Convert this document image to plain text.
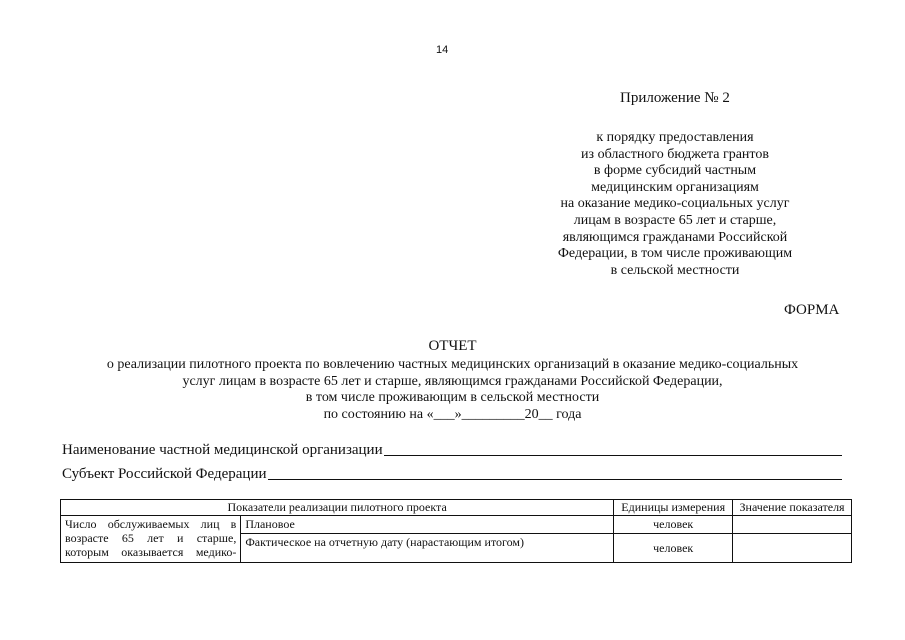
14
Приложение № 2
к порядку предоставления
из областного бюджета грантов
в форме субсидий частным
медицинским организациям
на оказание медико-социальных услуг
лицам в возрасте 65 лет и старше,
являющимся гражданами Российской
Федерации, в том числе проживающим
в сельской местности
ФОРМА
ОТЧЕТ
о реализации пилотного проекта по вовлечению частных медицинских организаций в оказание медико-социальных
услуг лицам в возрасте 65 лет и старше, являющимся гражданами Российской Федерации,
в том числе проживающим в сельской местности
по состоянию на «___»_________20__ года
Наименование частной медицинской организации
Субъект Российской Федерации
Показатели реализации пилотного проекта		Единицы измерения	Значение показателя

Число обслуживаемых лиц в
возрасте 65 лет и старше,
которым оказывается медико-	Плановое	человек	
	Фактическое на отчетную дату (нарастающим итогом)	человек	
